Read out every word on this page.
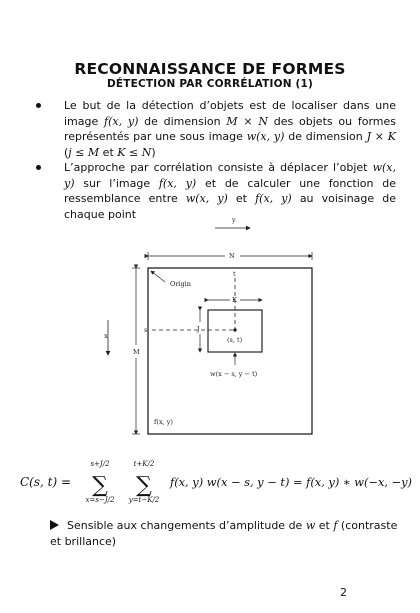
RECONNAISSANCE DE FORMES
DÉTECTION PAR CORRÉLATION (1)
Le but de la détection d’objets est de localiser dans une image f(x, y) de dimension M × N des objets ou formes représentés par une sous image w(x, y) de dimension J × K (j ≤ M et K ≤ N)
L’approche par corrélation consiste à déplacer l’objet w(x, y) sur l’image f(x, y) et de calculer une fonction de ressemblance entre w(x, y) et f(x, y) au voisinage de chaque point	y
N
Origin
t
K
J
s
(s, t)
w(x − s, y − t)
x
M
f(x, y)
C(s, t) =
s+J/2
∑
x=s−J/2
t+K/2
∑
y=t−K/2
f(x, y) w(x − s, y − t) = f(x, y) ∗ w(−x, −y)
Sensible aux changements d’amplitude de w et f (contraste et brillance)
2
